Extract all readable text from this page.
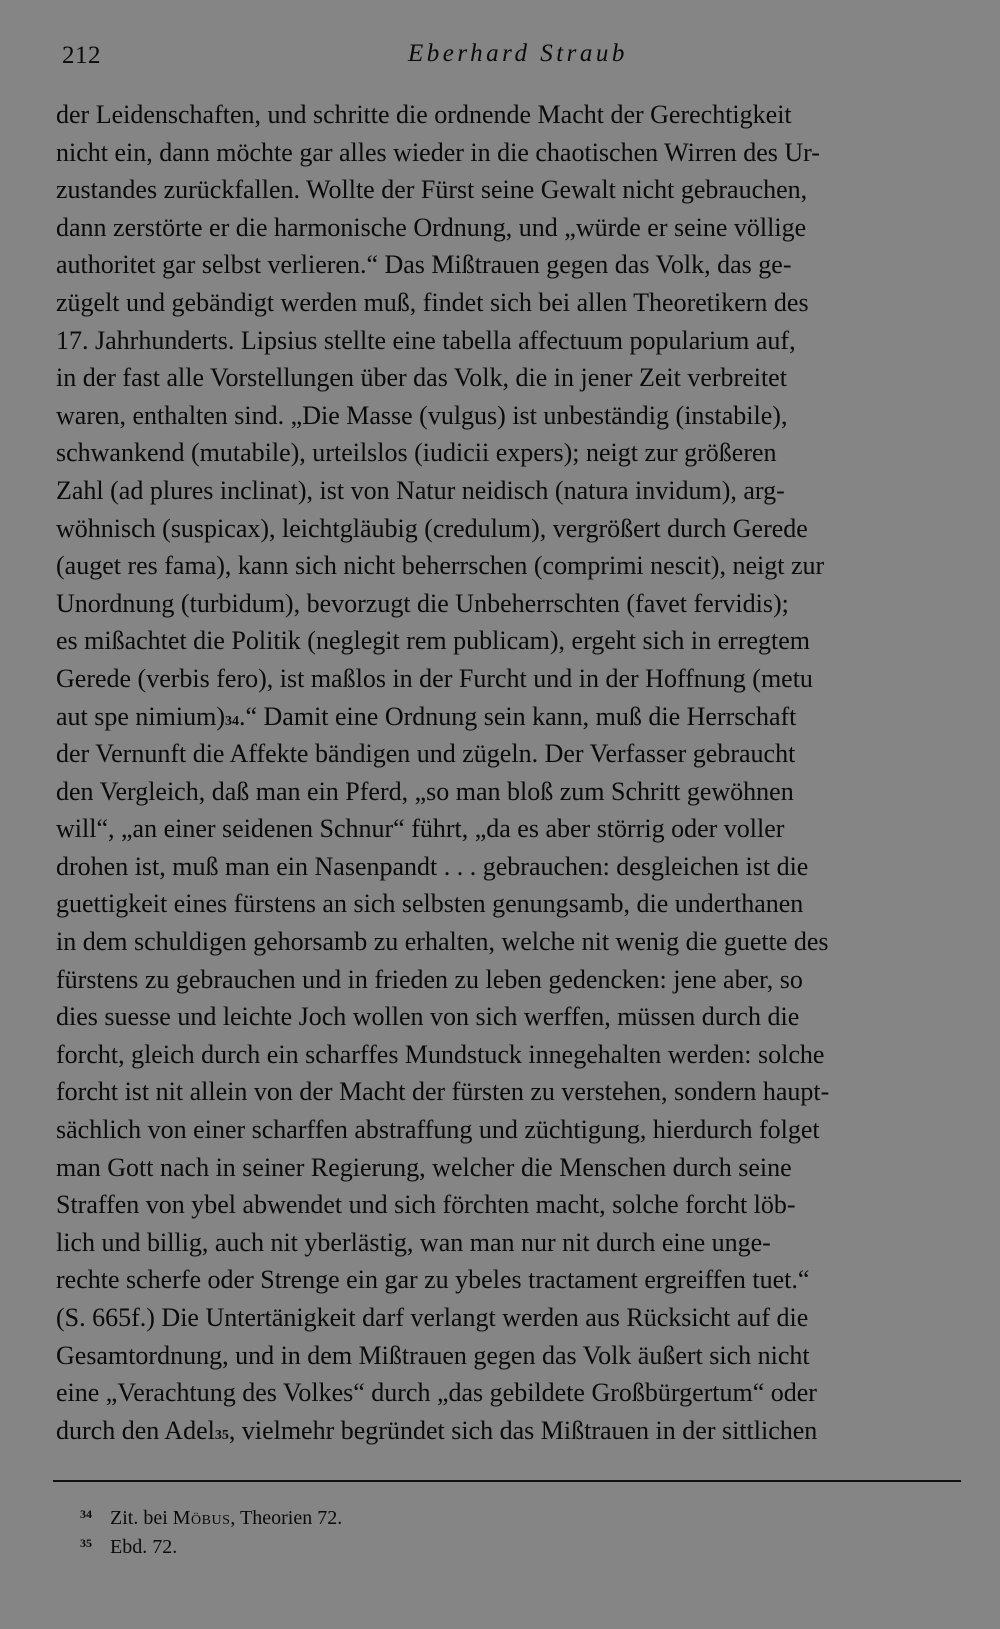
212	Eberhard Straub
der Leidenschaften, und schritte die ordnende Macht der Gerechtigkeit
nicht ein, dann möchte gar alles wieder in die chaotischen Wirren des Ur-
zustandes zurückfallen. Wollte der Fürst seine Gewalt nicht gebrauchen,
dann zerstörte er die harmonische Ordnung, und „würde er seine völlige
authoritet gar selbst verlieren.“ Das Mißtrauen gegen das Volk, das ge-
zügelt und gebändigt werden muß, findet sich bei allen Theoretikern des
17. Jahrhunderts. Lipsius stellte eine tabella affectuum popularium auf,
in der fast alle Vorstellungen über das Volk, die in jener Zeit verbreitet
waren, enthalten sind. „Die Masse (vulgus) ist unbeständig (instabile),
schwankend (mutabile), urteilslos (iudicii expers); neigt zur größeren
Zahl (ad plures inclinat), ist von Natur neidisch (natura invidum), arg-
wöhnisch (suspicax), leichtgläubig (credulum), vergrößert durch Gerede
(auget res fama), kann sich nicht beherrschen (comprimi nescit), neigt zur
Unordnung (turbidum), bevorzugt die Unbeherrschten (favet fervidis);
es mißachtet die Politik (neglegit rem publicam), ergeht sich in erregtem
Gerede (verbis fero), ist maßlos in der Furcht und in der Hoffnung (metu
aut spe nimium) 34 .“ Damit eine Ordnung sein kann, muß die Herrschaft
der Vernunft die Affekte bändigen und zügeln. Der Verfasser gebraucht
den Vergleich, daß man ein Pferd, „so man bloß zum Schritt gewöhnen
will“, „an einer seidenen Schnur“ führt, „da es aber störrig oder voller
drohen ist, muß man ein Nasenpandt . . . gebrauchen: desgleichen ist die
guettigkeit eines fürstens an sich selbsten genungsamb, die underthanen
in dem schuldigen gehorsamb zu erhalten, welche nit wenig die guette des
fürstens zu gebrauchen und in frieden zu leben gedencken: jene aber, so
dies suesse und leichte Joch wollen von sich werffen, müssen durch die
forcht, gleich durch ein scharffes Mundstuck innegehalten werden: solche
forcht ist nit allein von der Macht der fürsten zu verstehen, sondern haupt-
sächlich von einer scharffen abstraffung und züchtigung, hierdurch folget
man Gott nach in seiner Regierung, welcher die Menschen durch seine
Straffen von ybel abwendet und sich förchten macht, solche forcht löb-
lich und billig, auch nit yberlästig, wan man nur nit durch eine unge-
rechte scherfe oder Strenge ein gar zu ybeles tractament ergreiffen tuet.“
(S. 665f.) Die Untertänigkeit darf verlangt werden aus Rücksicht auf die
Gesamtordnung, und in dem Mißtrauen gegen das Volk äußert sich nicht
eine „Verachtung des Volkes“ durch „das gebildete Großbürgertum“ oder
durch den Adel 35 , vielmehr begründet sich das Mißtrauen in der sittlichen
34 Zit. bei Möbus, Theorien 72.
35 Ebd. 72.
